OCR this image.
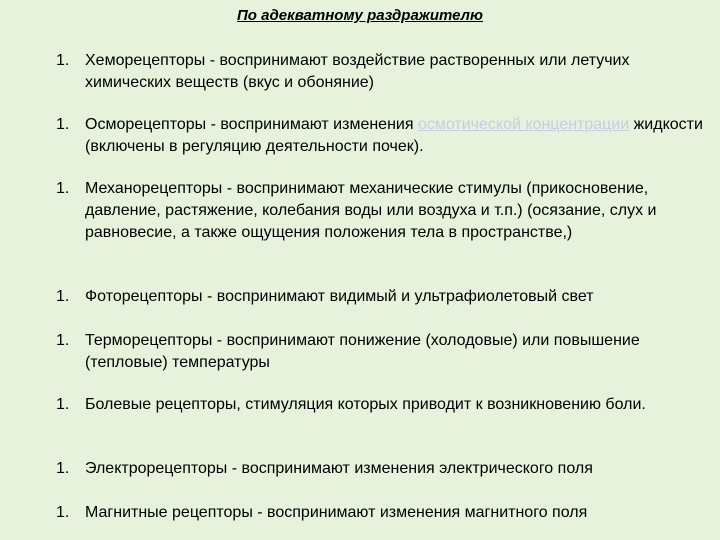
По адекватному раздражителю
1. Хеморецепторы - воспринимают воздействие растворенных или летучих химических веществ (вкус и обоняние)
1. Осморецепторы - воспринимают изменения осмотической концентрации жидкости (включены в регуляцию деятельности почек).
1. Механорецепторы - воспринимают механические стимулы (прикосновение, давление, растяжение, колебания воды или воздуха и т.п.) (осязание, слух и равновесие, а также ощущения положения тела в пространстве,)
1. Фоторецепторы - воспринимают видимый и ультрафиолетовый свет
1. Терморецепторы - воспринимают понижение (холодовые) или повышение (тепловые) температуры
1. Болевые рецепторы, стимуляция которых приводит к возникновению боли.
1. Электрорецепторы - воспринимают изменения электрического поля
1. Магнитные рецепторы - воспринимают изменения магнитного поля
